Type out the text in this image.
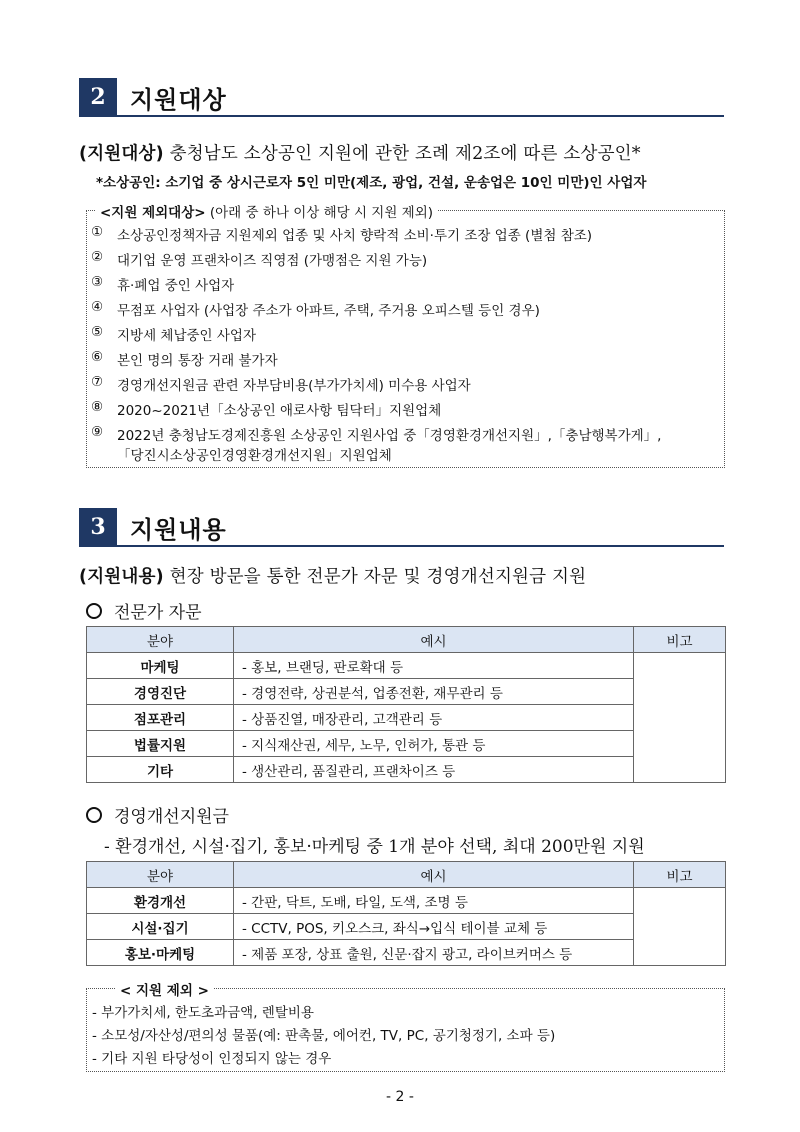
2	지원대상
(지원대상) 충청남도 소상공인 지원에 관한 조례 제2조에 따른 소상공인*
*소상공인: 소기업 중 상시근로자 5인 미만(제조, 광업, 건설, 운송업은 10인 미만)인 사업자
<지원 제외대상> (아래 중 하나 이상 해당 시 지원 제외)
①	소상공인정책자금 지원제외 업종 및 사치 향락적 소비·투기 조장 업종 (별첨 참조)
②	대기업 운영 프랜차이즈 직영점 (가맹점은 지원 가능)
③	휴·폐업 중인 사업자
④	무점포 사업자 (사업장 주소가 아파트, 주택, 주거용 오피스텔 등인 경우)
⑤	지방세 체납중인 사업자
⑥	본인 명의 통장 거래 불가자
⑦	경영개선지원금 관련 자부담비용(부가가치세) 미수용 사업자
⑧	2020~2021년「소상공인 애로사항 팀닥터」지원업체
⑨	2022년 충청남도경제진흥원 소상공인 지원사업 중「경영환경개선지원」,「충남행복가게」,
「당진시소상공인경영환경개선지원」지원업체
3	지원내용
(지원내용) 현장 방문을 통한 전문가 자문 및 경영개선지원금 지원
전문가 자문
분야	예시	비고
마케팅	- 홍보, 브랜딩, 판로확대 등	
경영진단	- 경영전략, 상권분석, 업종전환, 재무관리 등	
점포관리	- 상품진열, 매장관리, 고객관리 등	
법률지원	- 지식재산권, 세무, 노무, 인허가, 통관 등	
기타	- 생산관리, 품질관리, 프랜차이즈 등	
경영개선지원금
- 환경개선, 시설·집기, 홍보·마케팅 중 1개 분야 선택, 최대 200만원 지원
분야	예시	비고
환경개선	- 간판, 닥트, 도배, 타일, 도색, 조명 등	
시설·집기	- CCTV, POS, 키오스크, 좌식→입식 테이블 교체 등	
홍보·마케팅	- 제품 포장, 상표 출원, 신문·잡지 광고, 라이브커머스 등	
< 지원 제외 >
- 부가가치세, 한도초과금액, 렌탈비용
- 소모성/자산성/편의성 물품(예: 판촉물, 에어컨, TV, PC, 공기청정기, 소파 등)
- 기타 지원 타당성이 인정되지 않는 경우
- 2 -
